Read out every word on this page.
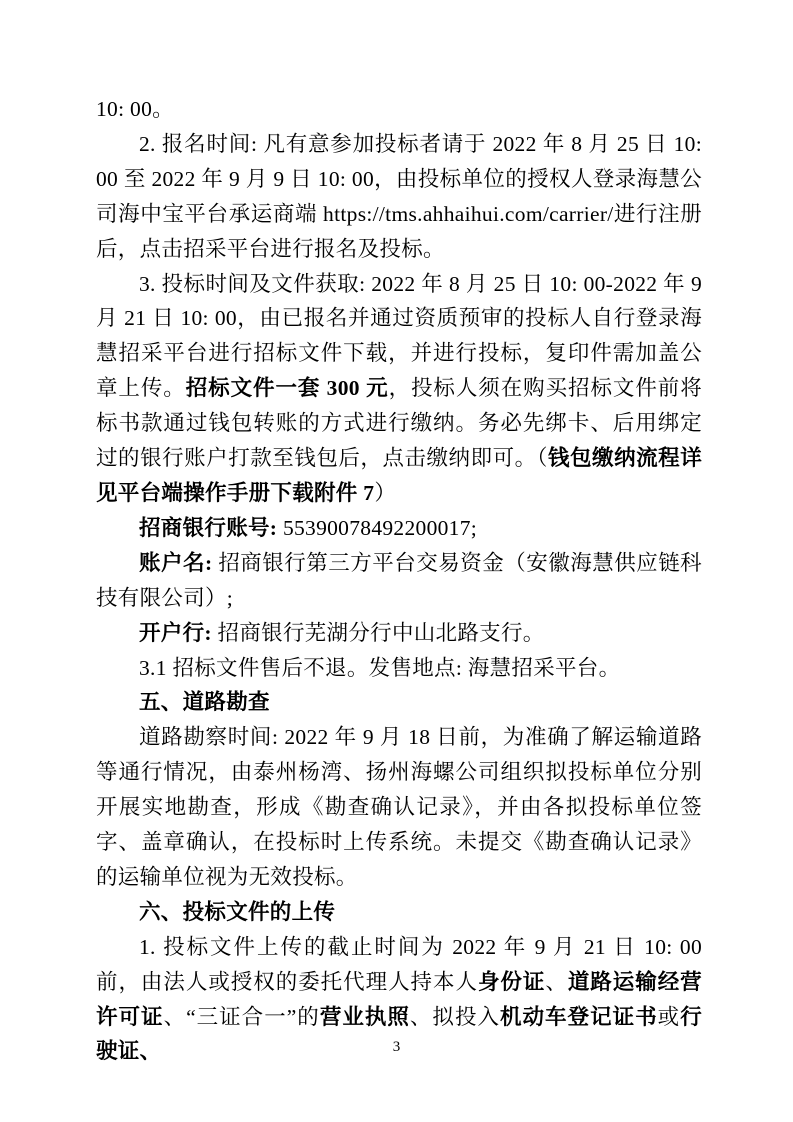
10: 00。

2. 报名时间: 凡有意参加投标者请于 2022 年 8 月 25 日 10: 00 至 2022 年 9 月 9 日 10: 00，由投标单位的授权人登录海慧公司海中宝平台承运商端 https://tms.ahhaihui.com/carrier/进行注册后，点击招采平台进行报名及投标。

3. 投标时间及文件获取: 2022 年 8 月 25 日 10: 00-2022 年 9 月 21 日 10: 00，由已报名并通过资质预审的投标人自行登录海慧招采平台进行招标文件下载，并进行投标，复印件需加盖公章上传。招标文件一套 300 元，投标人须在购买招标文件前将标书款通过钱包转账的方式进行缴纳。务必先绑卡、后用绑定过的银行账户打款至钱包后，点击缴纳即可。（钱包缴纳流程详见平台端操作手册下载附件 7）

招商银行账号: 55390078492200017;

账户名: 招商银行第三方平台交易资金（安徽海慧供应链科技有限公司）;

开户行: 招商银行芜湖分行中山北路支行。

3.1 招标文件售后不退。发售地点: 海慧招采平台。

五、道路勘查

道路勘察时间: 2022 年 9 月 18 日前，为准确了解运输道路等通行情况，由泰州杨湾、扬州海螺公司组织拟投标单位分别开展实地勘查，形成《勘查确认记录》，并由各拟投标单位签字、盖章确认，在投标时上传系统。未提交《勘查确认记录》的运输单位视为无效投标。

六、投标文件的上传

1. 投标文件上传的截止时间为 2022 年 9 月 21 日 10: 00 前，由法人或授权的委托代理人持本人身份证、道路运输经营许可证、“三证合一”的营业执照、拟投入机动车登记证书或行驶证、	3
